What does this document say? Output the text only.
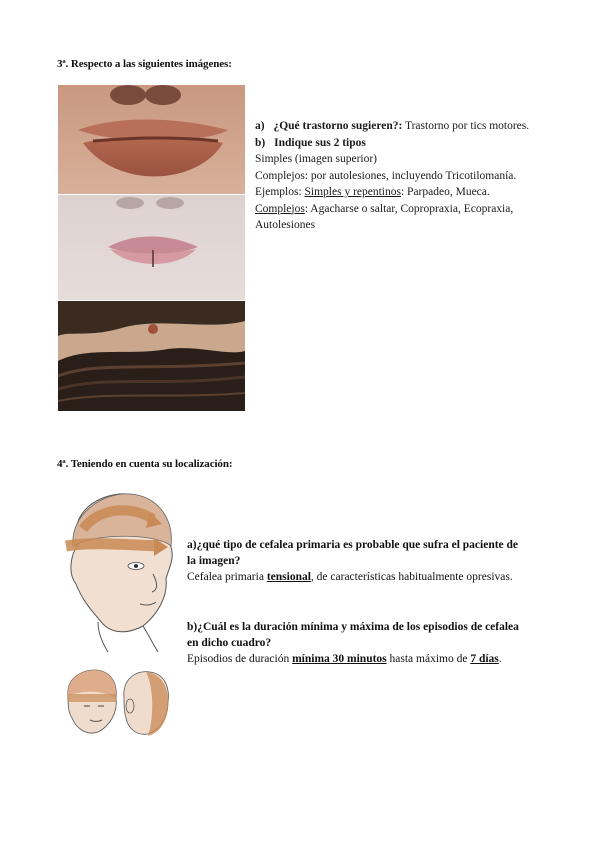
3ª. Respecto a las siguientes imágenes:
a) ¿Qué trastorno sugieren?: Trastorno por tics motores.
b) Indique sus 2 tipos
Simples (imagen superior)
Complejos: por autolesiones, incluyendo Tricotilomanía.
Ejemplos: Simples y repentinos: Parpadeo, Mueca.
Complejos: Agacharse o saltar, Copropraxia, Ecopraxia, Autolesiones
4ª. Teniendo en cuenta su localización:
a)¿qué tipo de cefalea primaria es probable que sufra el paciente de la imagen?
Cefalea primaria tensional, de características habitualmente opresivas.
b)¿Cuál es la duración mínima y máxima de los episodios de cefalea en dicho cuadro?
Episodios de duración mínima 30 minutos hasta máximo de 7 días.
